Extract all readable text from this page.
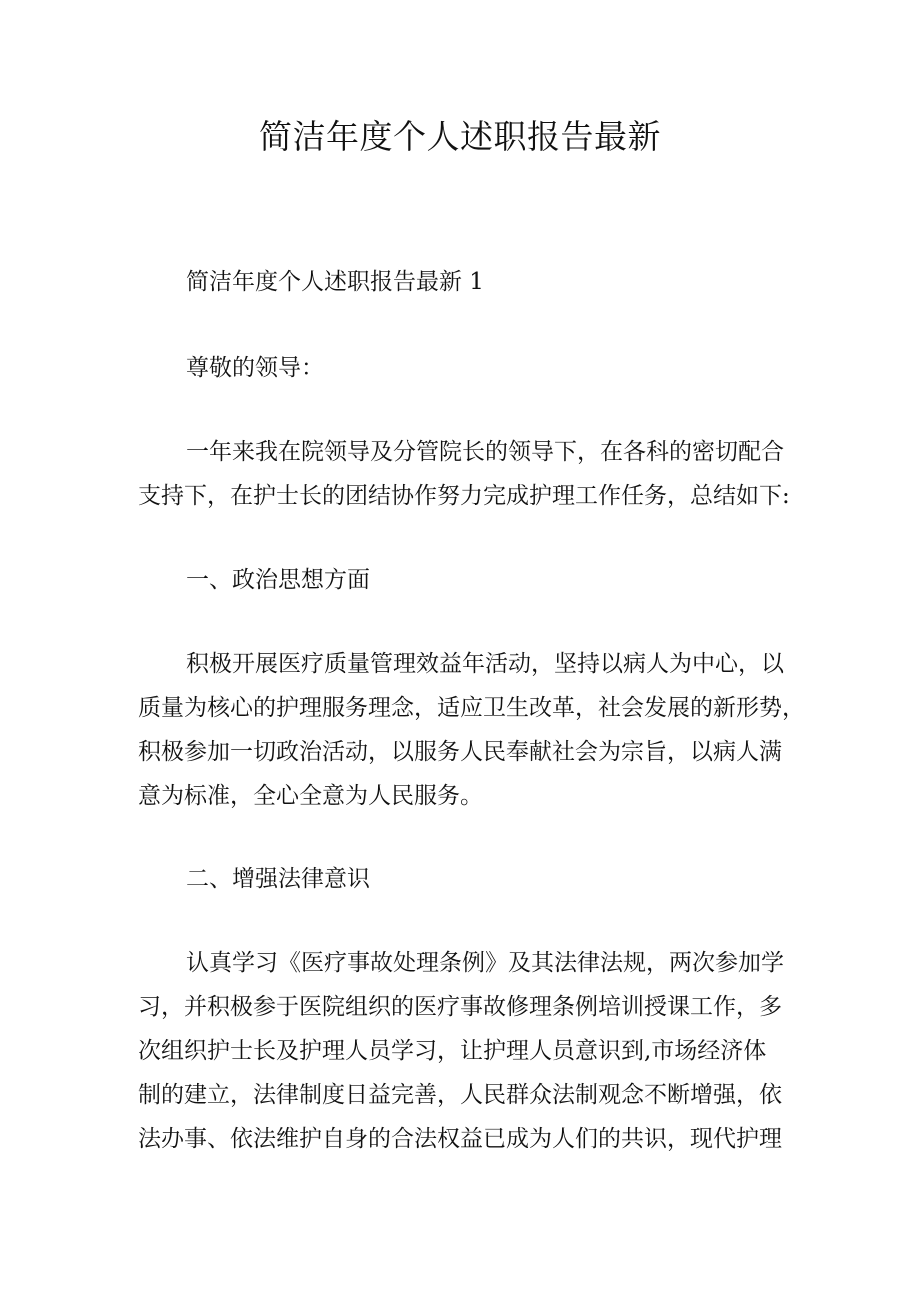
简洁年度个人述职报告最新

简洁年度个人述职报告最新 1

尊敬的领导：

一年来我在院领导及分管院长的领导下，在各科的密切配合
支持下，在护士长的团结协作努力完成护理工作任务，总结如下:

一、政治思想方面

积极开展医疗质量管理效益年活动，坚持以病人为中心，以
质量为核心的护理服务理念，适应卫生改革，社会发展的新形势，
积极参加一切政治活动，以服务人民奉献社会为宗旨，以病人满
意为标准，全心全意为人民服务。

二、增强法律意识

认真学习《医疗事故处理条例》及其法律法规，两次参加学
习，并积极参于医院组织的医疗事故修理条例培训授课工作，多
次组织护士长及护理人员学习，让护理人员意识到,市场经济体
制的建立，法律制度日益完善，人民群众法制观念不断增强，依
法办事、依法维护自身的合法权益已成为人们的共识，现代护理
